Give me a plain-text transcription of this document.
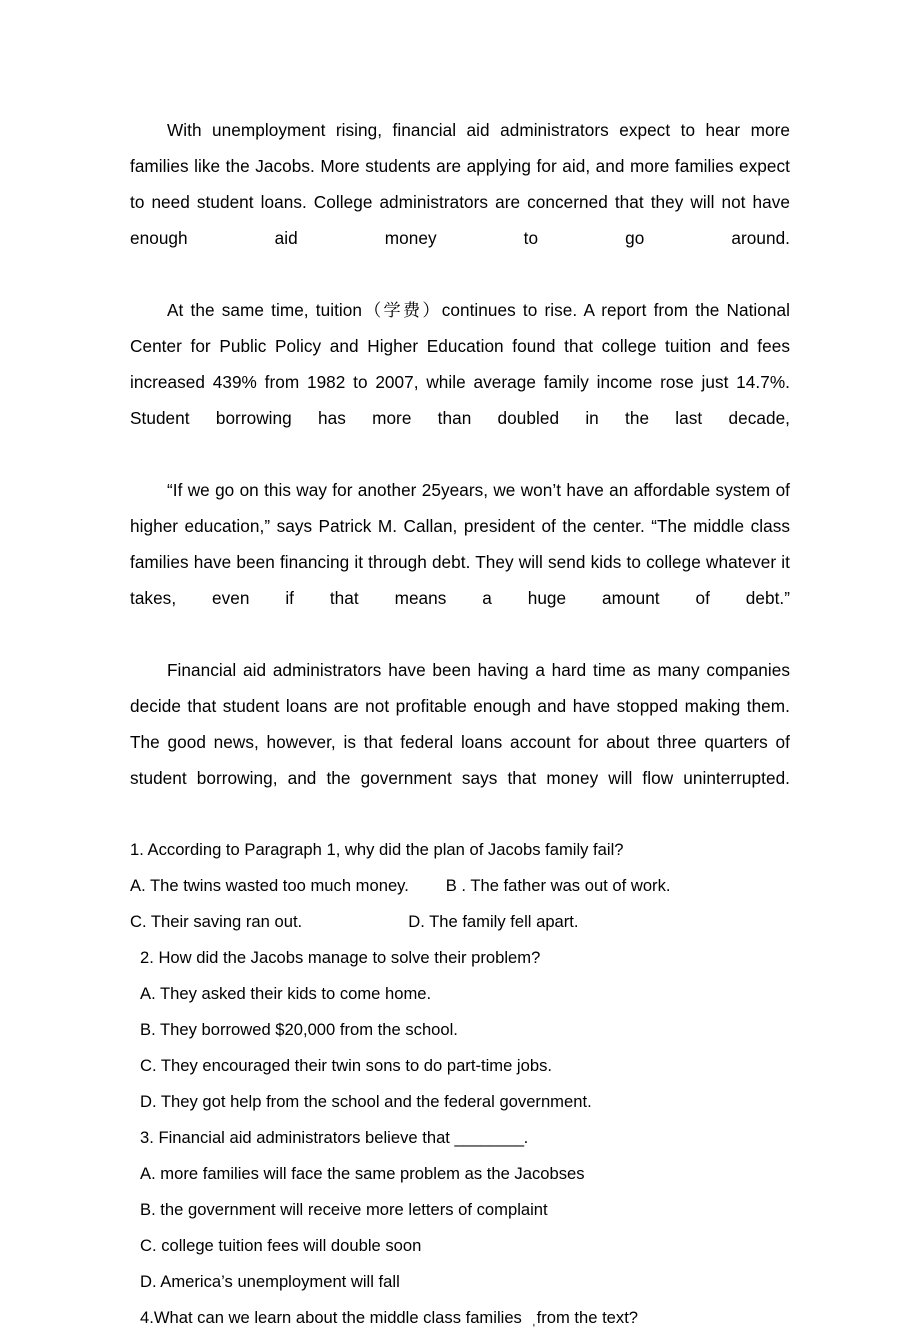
With unemployment rising, financial aid administrators expect to hear more families like the Jacobs. More students are applying for aid, and more families expect to need student loans. College administrators are concerned that they will not have enough aid money to go around.

At the same time, tuition（学费）continues to rise. A report from the National Center for Public Policy and Higher Education found that college tuition and fees increased 439% from 1982 to 2007, while average family income rose just 14.7%. Student borrowing has more than doubled in the last decade,

“If we go on this way for another 25years, we won’t have an affordable system of higher education,” says Patrick M. Callan, president of the center. “The middle class families have been financing it through debt. They will send kids to college whatever it takes, even if that means a huge amount of debt.”

Financial aid administrators have been having a hard time as many companies decide that student loans are not profitable enough and have stopped making them. The good news, however, is that federal loans account for about three quarters of student borrowing, and the government says that money will flow uninterrupted.

1. According to Paragraph 1, why did the plan of Jacobs family fail?

A. The twins wasted too much money. B . The father was out of work.

C. Their saving ran out.	D. The family fell apart.

2. How did the Jacobs manage to solve their problem?

A. They asked their kids to come home.

B. They borrowed $20,000 from the school.

C. They encouraged their twin sons to do part-time jobs.

D. They got help from the school and the federal government.

3. Financial aid administrators believe that ________.

A. more families will face the same problem as the Jacobses

B. the government will receive more letters of complaint

C. college tuition fees will double soon

D. America’s unemployment will fall

4.What can we learn about the middle class families  ˌfrom the text?
